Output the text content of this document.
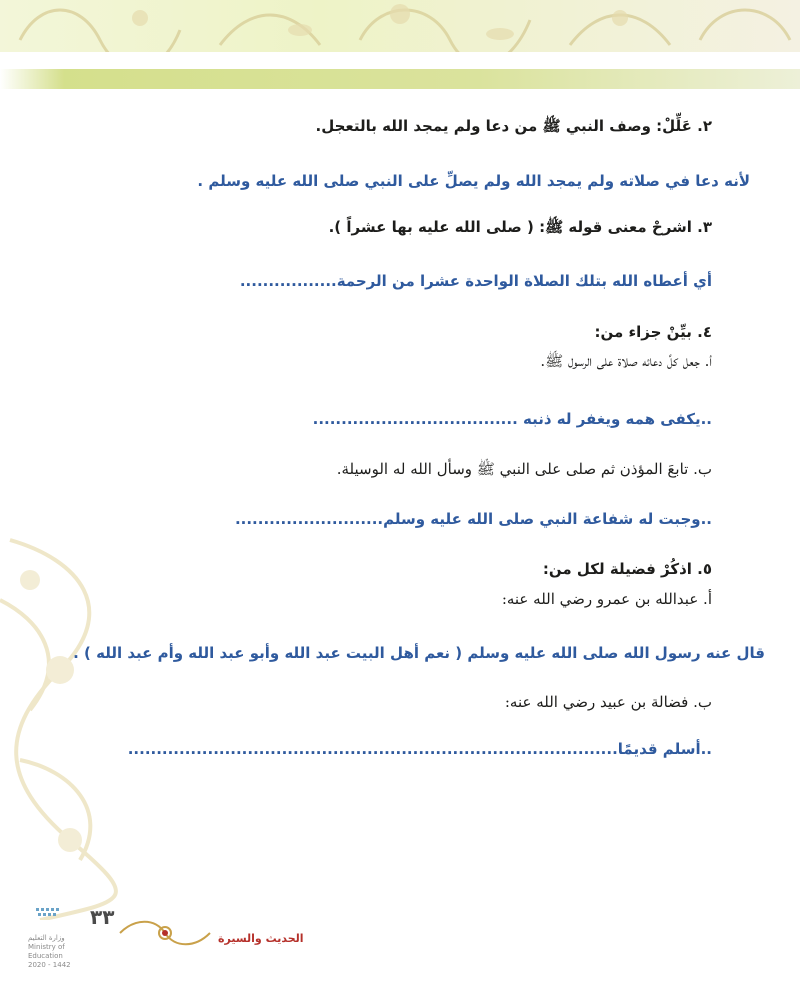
٢. عَلِّلْ: وصف النبي ﷺ من دعا ولم يمجد الله بالتعجل.
لأنه دعا في صلاته ولم يمجد الله ولم يصلِّ على النبي صلى الله عليه وسلم .
٣. اشرحْ معنى قوله ﷺ: ( صلى الله عليه بها عشراً ).
أي أعطاه الله بتلك الصلاة الواحدة عشرا من الرحمة.................
٤. بيِّنْ جزاء من:
أ. جعل كلَّ دعائه صلاة على الرسول ﷺ.
..يكفى همه ويغفر له ذنبه ....................................
ب. تابعَ المؤذن ثم صلى على النبي ﷺ وسأل الله له الوسيلة.
..وجبت له شفاعة النبي صلى الله عليه وسلم..........................
٥. اذكُرْ فضيلة لكل من:
أ. عبدالله بن عمرو رضي الله عنه:
قال عنه رسول الله صلى الله عليه وسلم ( نعم أهل البيت عبد الله وأبو عبد الله وأم عبد الله ) .
ب. فضالة بن عبيد رضي الله عنه:
..أسلم قديمًا......................................................................................
وزارة التعليم
Ministry of Education
2020 - 1442
٣٣
الحديث والسيرة
